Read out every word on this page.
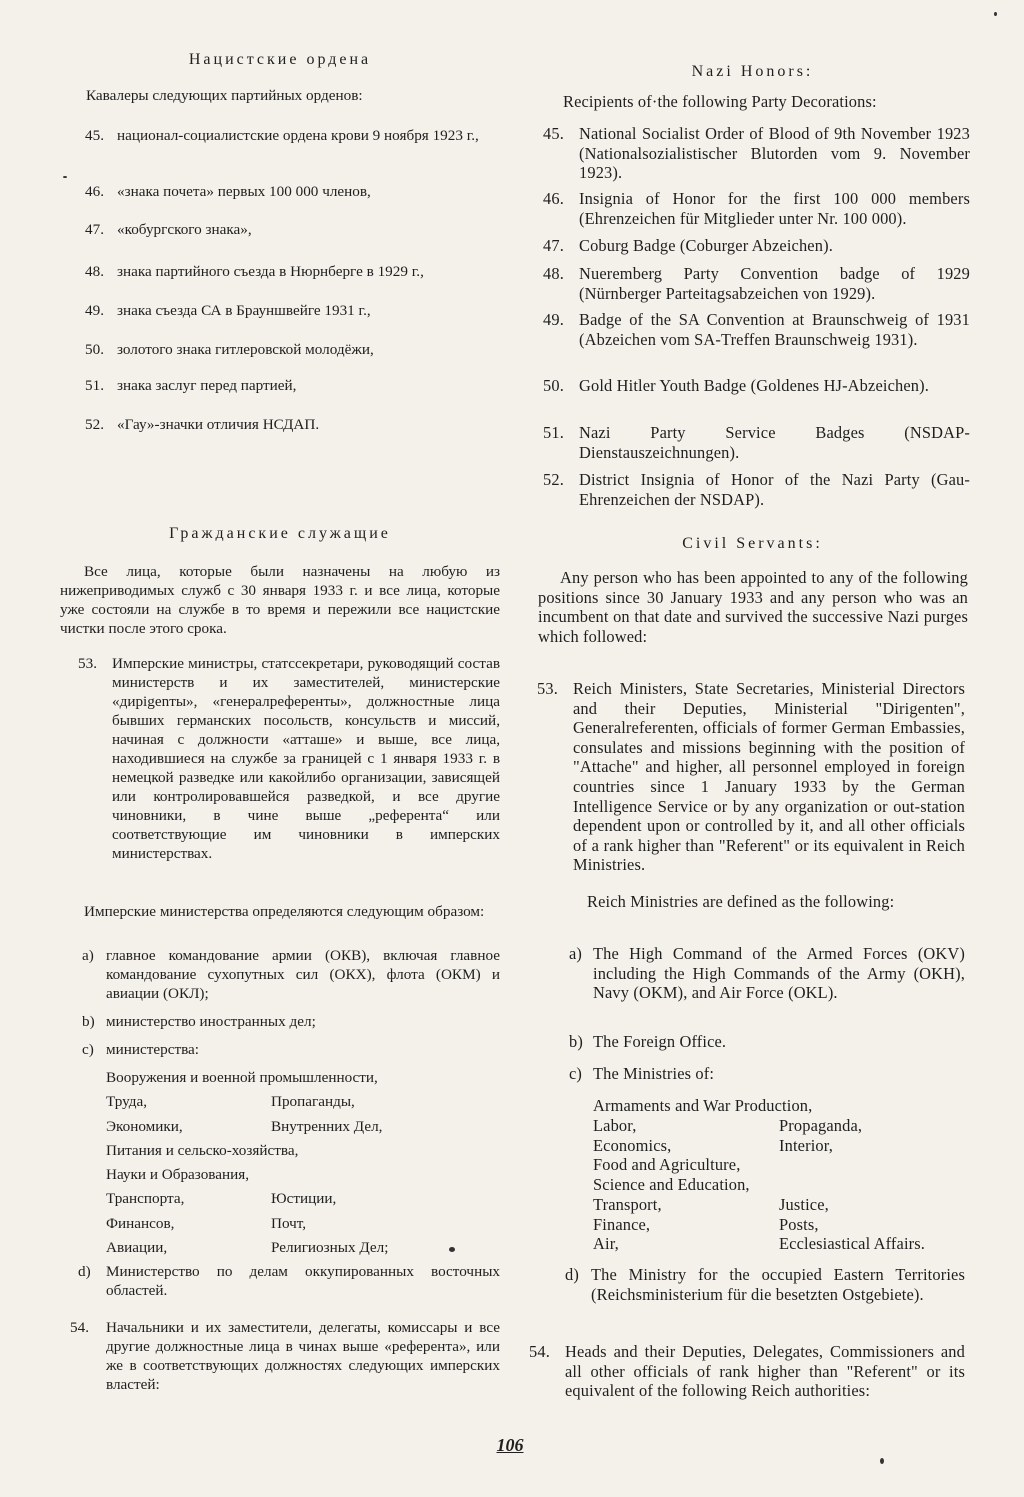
Нацистские ордена
Кавалеры следующих партийных орденов:
45. национал-социалистские ордена крови 9 ноября 1923 г.,
46. «знака почета» первых 100 000 членов,
47. «кобургского знака»,
48. знака партийного съезда в Нюрнберге в 1929 г.,
49. знака съезда СА в Брауншвейге 1931 г.,
50. золотого знака гитлеровской молодёжи,
51. знака заслуг перед партией,
52. «Гау»-значки отличия НСДАП.
Гражданские служащие
Все лица, которые были назначены на любую из нижеприводимых служб с 30 января 1933 г. и все лица, которые уже состояли на службе в то время и пережили все нацистские чистки после этого срока.
53. Имперские министры, статссекретари, руководящий состав министерств и их заместителей, министерские «дирigenты», «генералреференты», должностные лица бывших германских посольств, консульств и миссий, начиная с должности «атташе» и выше, все лица, находившиеся на службе за границей с 1 января 1933 г. в немецкой разведке или какойлибо организации, зависящей или контролировавшейся разведкой, и все другие чиновники, в чине выше „референта“ или соответствующие им чиновники в имперских министерствах.
Имперские министерства определяются следующим образом:
a) главное командование армии (ОКВ), включая главное командование сухопутных сил (ОКХ), флота (ОКМ) и авиации (ОКЛ);
b) министерство иностранных дел;
c) министерства:
Вооружения и военной промышленности,
Труда,	Пропаганды,
Экономики,	Внутренних Дел,
Питания и сельско-хозяйства,
Науки и Образования,
Транспорта,	Юстиции,
Финансов,	Почт,
Авиации,	Религиозных Дел;
d)	Министерство по делам оккупированных восточных областей.
54.	Начальники и их заместители, делегаты, комиссары и все другие должностные лица в чинах выше «референта», или же в соответствующих должностях следующих имперских властей:
Nazi Honors:
Recipients of·the following Party Decorations:
45. National Socialist Order of Blood of 9th November 1923 (Nationalsozialistischer Blutorden vom 9. November 1923).
46. Insignia of Honor for the first 100 000 members (Ehrenzeichen für Mitglieder unter Nr. 100 000).
47. Coburg Badge (Coburger Abzeichen).
48. Nueremberg Party Convention badge of 1929 (Nürnberger Parteitagsabzeichen von 1929).
49. Badge of the SA Convention at Braunschweig of 1931 (Abzeichen vom SA-Treffen Braunschweig 1931).
50. Gold Hitler Youth Badge (Goldenes HJ-Abzeichen).
51. Nazi Party Service Badges (NSDAP-Dienstauszeichnungen).
52. District Insignia of Honor of the Nazi Party (Gau-Ehrenzeichen der NSDAP).
Civil Servants:
Any person who has been appointed to any of the following positions since 30 January 1933 and any person who was an incumbent on that date and survived the successive Nazi purges which followed:
53. Reich Ministers, State Secretaries, Ministerial Directors and their Deputies, Ministerial "Dirigenten", Generalreferenten, officials of former German Embassies, consulates and missions beginning with the position of "Attache" and higher, all personnel employed in foreign countries since 1 January 1933 by the German Intelligence Service or by any organization or out-station dependent upon or controlled by it, and all other officials of a rank higher than "Referent" or its equivalent in Reich Ministries.
Reich Ministries are defined as the following:
a) The High Command of the Armed Forces (OKV) including the High Commands of the Army (OKH), Navy (OKM), and Air Force (OKL).
b) The Foreign Office.
c) The Ministries of:
Armaments and War Production,
Labor,	Propaganda,
Economics,	Interior,
Food and Agriculture,
Science and Education,
Transport,	Justice,
Finance,	Posts,
Air,	Ecclesiastical Affairs.
d) The Ministry for the occupied Eastern Territories (Reichsministerium für die besetzten Ostgebiete).
54. Heads and their Deputies, Delegates, Commissioners and all other officials of rank higher than "Referent" or its equivalent of the following Reich authorities:
106
